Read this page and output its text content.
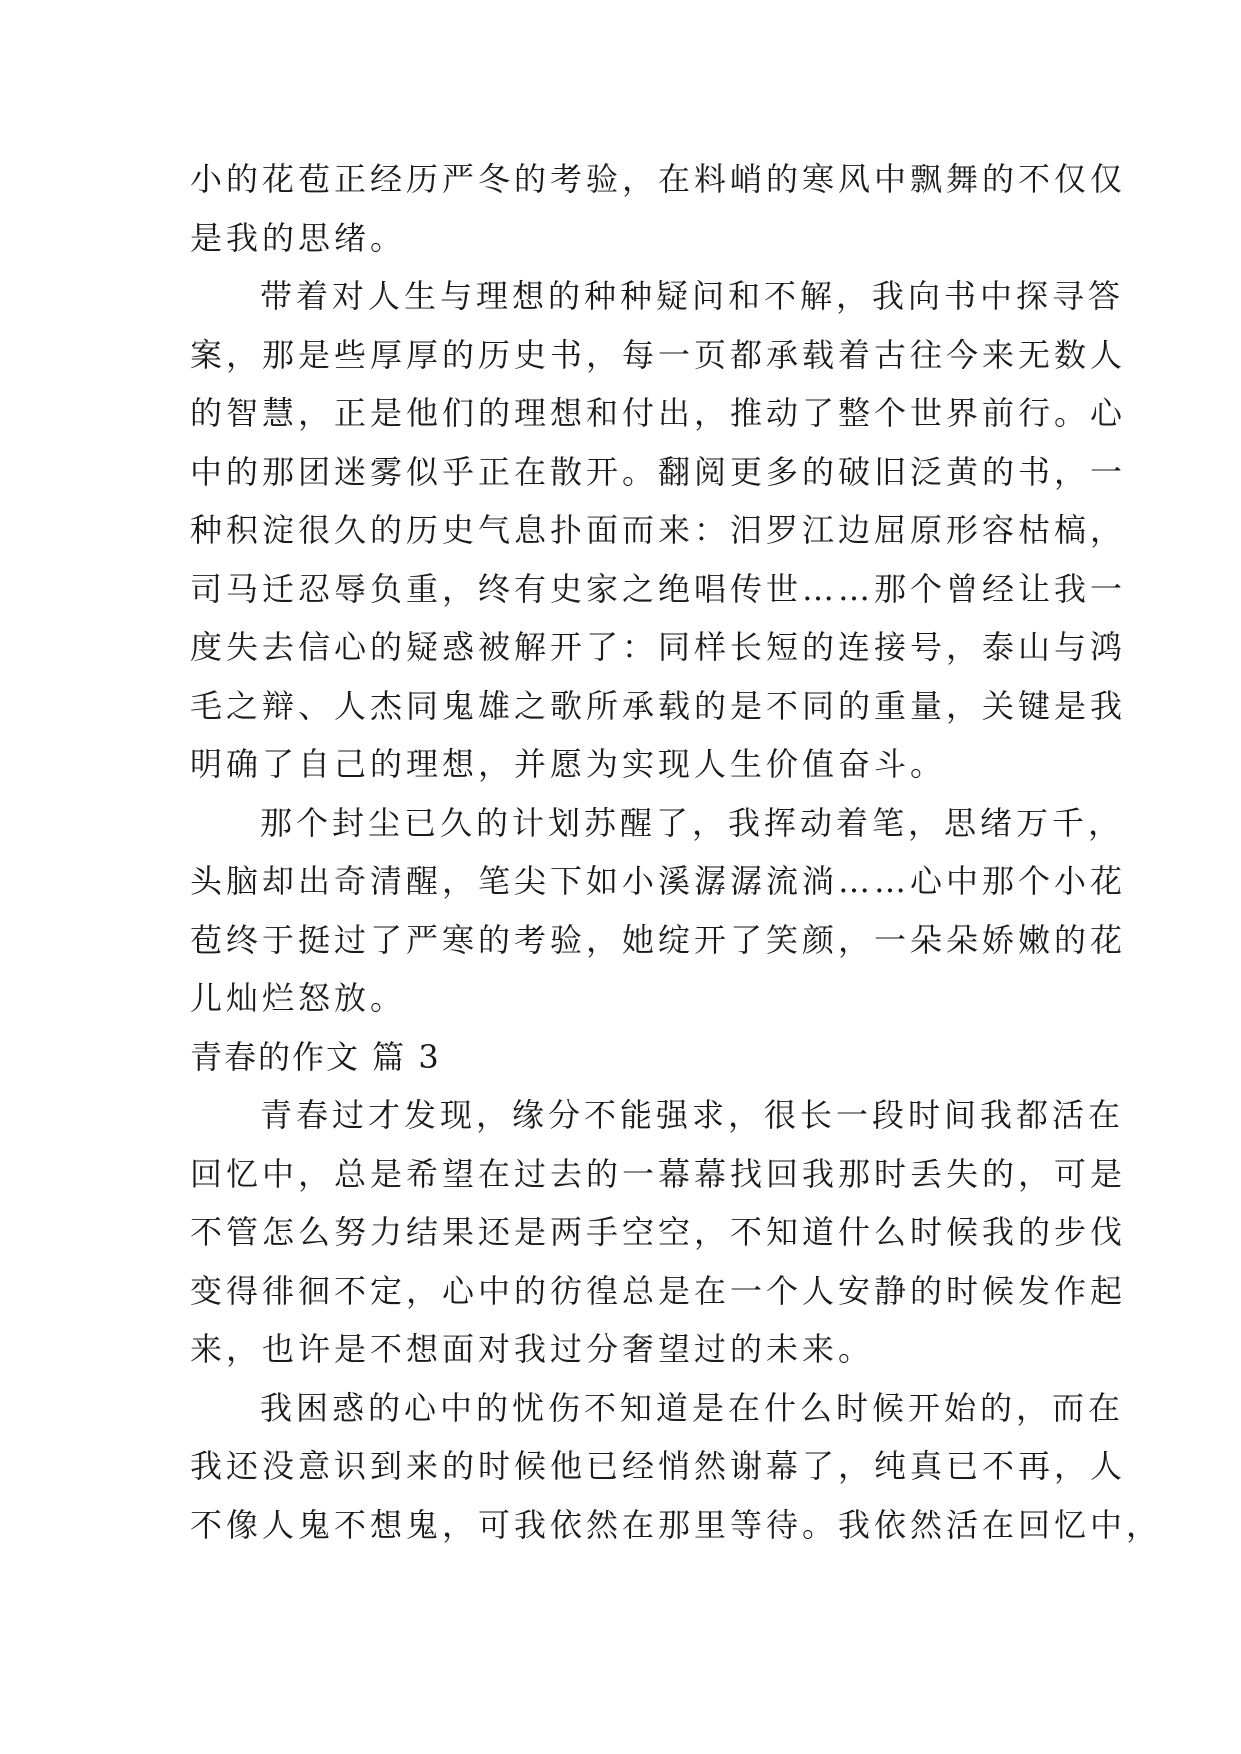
小的花苞正经历严冬的考验，在料峭的寒风中飘舞的不仅仅
是我的思绪。
带着对人生与理想的种种疑问和不解，我向书中探寻答
案，那是些厚厚的历史书，每一页都承载着古往今来无数人
的智慧，正是他们的理想和付出，推动了整个世界前行。心
中的那团迷雾似乎正在散开。翻阅更多的破旧泛黄的书，一
种积淀很久的历史气息扑面而来：汨罗江边屈原形容枯槁，
司马迁忍辱负重，终有史家之绝唱传世……那个曾经让我一
度失去信心的疑惑被解开了：同样长短的连接号，泰山与鸿
毛之辩、人杰同鬼雄之歌所承载的是不同的重量，关键是我
明确了自己的理想，并愿为实现人生价值奋斗。
那个封尘已久的计划苏醒了，我挥动着笔，思绪万千，
头脑却出奇清醒，笔尖下如小溪潺潺流淌……心中那个小花
苞终于挺过了严寒的考验，她绽开了笑颜，一朵朵娇嫩的花
儿灿烂怒放。
青春的作文 篇 3
青春过才发现，缘分不能强求，很长一段时间我都活在
回忆中，总是希望在过去的一幕幕找回我那时丢失的，可是
不管怎么努力结果还是两手空空，不知道什么时候我的步伐
变得徘徊不定，心中的彷徨总是在一个人安静的时候发作起
来，也许是不想面对我过分奢望过的未来。
我困惑的心中的忧伤不知道是在什么时候开始的，而在
我还没意识到来的时候他已经悄然谢幕了，纯真已不再，人
不像人鬼不想鬼，可我依然在那里等待。我依然活在回忆中，
